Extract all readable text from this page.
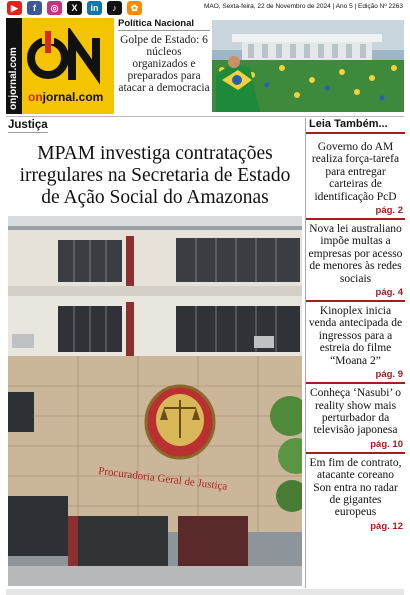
▶	f	◎	X	in	♪	✿	MAO, Sexta-feira, 22 de Novembro de 2024 | Ano 5 | Edição Nº 2263
onjornal.com onjornal.com
Política Nacional
Golpe de Estado: 6 núcleos organizados e preparados para atacar a democracia
Justiça
MPAM investiga contratações irregulares na Secretaria de Estado de Ação Social do Amazonas
Procuradoria Geral de Justiça
Leia Também...
Governo do AM realiza força-tarefa para entregar carteiras de identificação PcD
pág. 2
Nova lei australiano impõe multas a empresas por acesso de menores às redes sociais
pág. 4
Kinoplex inicia venda antecipada de ingressos para a estreia do filme “Moana 2”
pág. 9
Conheça ‘Nasubi’ o reality show mais perturbador da televisão japonesa
pág. 10
Em fim de contrato, atacante coreano Son entra no radar de gigantes europeus
pág. 12
